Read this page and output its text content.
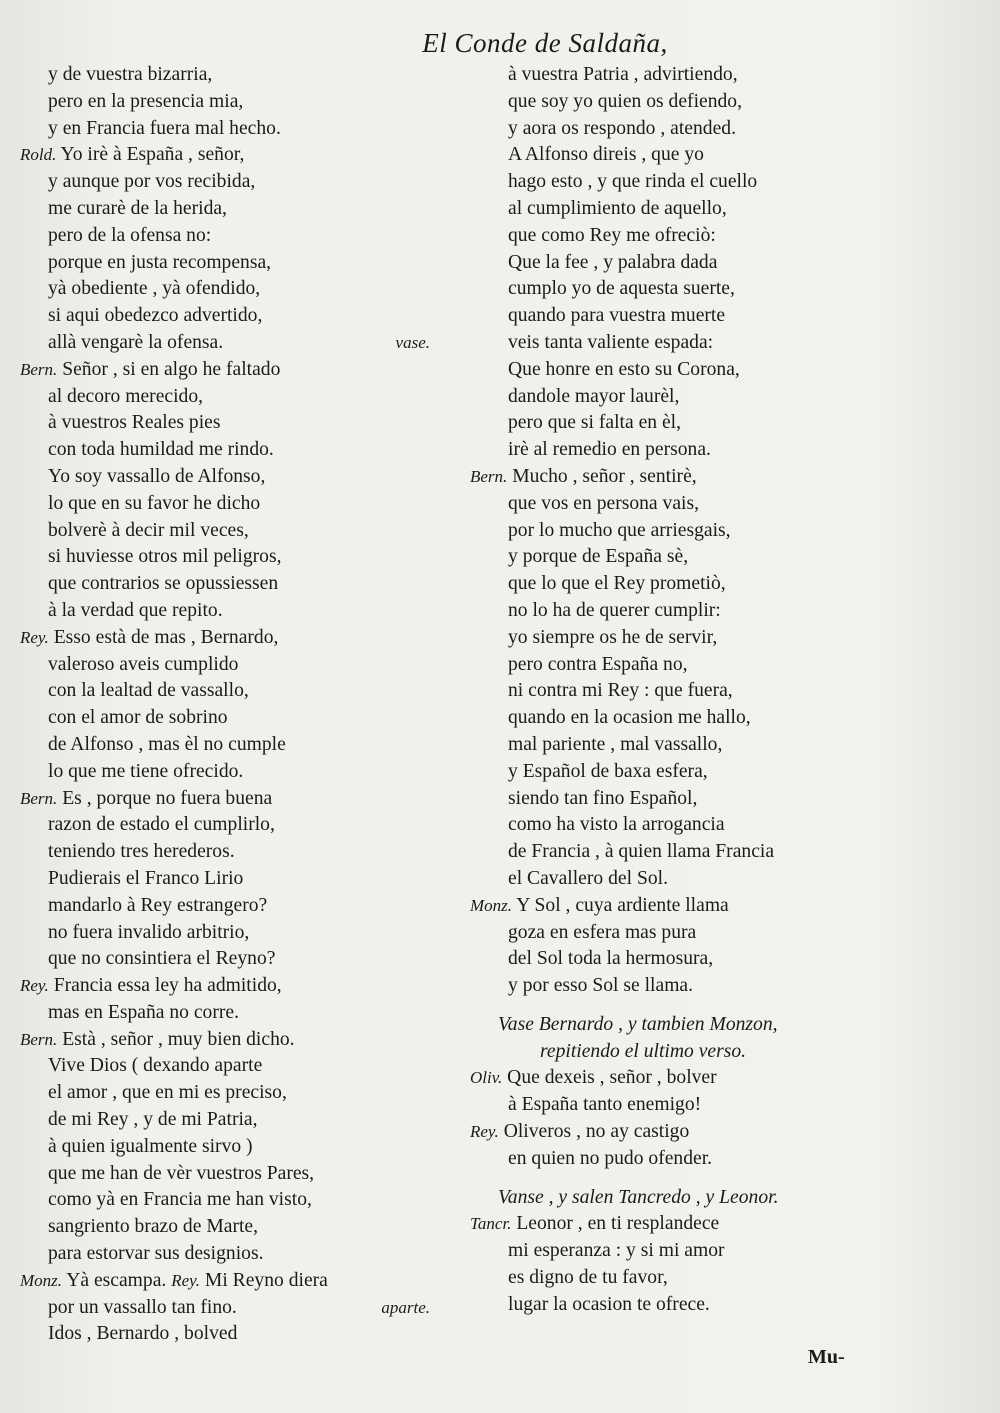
El Conde de Saldaña,
y de vuestra bizarria,
pero en la presencia mia,
y en Francia fuera mal hecho.
Rold. Yo irè à España , señor,
y aunque por vos recibida,
me curarè de la herida,
pero de la ofensa no:
porque en justa recompensa,
yà obediente , yà ofendido,
si aqui obedezco advertido,
allà vengarè la ofensa.	vase.
Bern. Señor , si en algo he faltado
al decoro merecido,
à vuestros Reales pies
con toda humildad me rindo.
Yo soy vassallo de Alfonso,
lo que en su favor he dicho
bolverè à decir mil veces,
si huviesse otros mil peligros,
que contrarios se opussiessen
à la verdad que repito.
Rey. Esso està de mas , Bernardo,
valeroso aveis cumplido
con la lealtad de vassallo,
con el amor de sobrino
de Alfonso , mas èl no cumple
lo que me tiene ofrecido.
Bern. Es , porque no fuera buena
razon de estado el cumplirlo,
teniendo tres herederos.
Pudierais el Franco Lirio
mandarlo à Rey estrangero?
no fuera invalido arbitrio,
que no consintiera el Reyno?
Rey. Francia essa ley ha admitido,
mas en España no corre.
Bern. Està , señor , muy bien dicho.
Vive Dios ( dexando aparte
el amor , que en mi es preciso,
de mi Rey , y de mi Patria,
à quien igualmente sirvo )
que me han de vèr vuestros Pares,
como yà en Francia me han visto,
sangriento brazo de Marte,
para estorvar sus designios.
Monz. Yà escampa. Rey. Mi Reyno diera
por un vassallo tan fino.	aparte.
Idos , Bernardo , bolved
à vuestra Patria , advirtiendo,
que soy yo quien os defiendo,
y aora os respondo , atended.
A Alfonso direis , que yo
hago esto , y que rinda el cuello
al cumplimiento de aquello,
que como Rey me ofreciò:
Que la fee , y palabra dada
cumplo yo de aquesta suerte,
quando para vuestra muerte
veis tanta valiente espada:
Que honre en esto su Corona,
dandole mayor laurèl,
pero que si falta en èl,
irè al remedio en persona.
Bern. Mucho , señor , sentirè,
que vos en persona vais,
por lo mucho que arriesgais,
y porque de España sè,
que lo que el Rey prometiò,
no lo ha de querer cumplir:
yo siempre os he de servir,
pero contra España no,
ni contra mi Rey : que fuera,
quando en la ocasion me hallo,
mal pariente , mal vassallo,
y Español de baxa esfera,
siendo tan fino Español,
como ha visto la arrogancia
de Francia , à quien llama Francia
el Cavallero del Sol.
Monz. Y Sol , cuya ardiente llama
goza en esfera mas pura
del Sol toda la hermosura,
y por esso Sol se llama.
Vase Bernardo , y tambien Monzon,
repitiendo el ultimo verso.
Oliv. Que dexeis , señor , bolver
à España tanto enemigo!
Rey. Oliveros , no ay castigo
en quien no pudo ofender.
Vanse , y salen Tancredo , y Leonor.
Tancr. Leonor , en ti resplandece
mi esperanza : y si mi amor
es digno de tu favor,
lugar la ocasion te ofrece.
Mu-
